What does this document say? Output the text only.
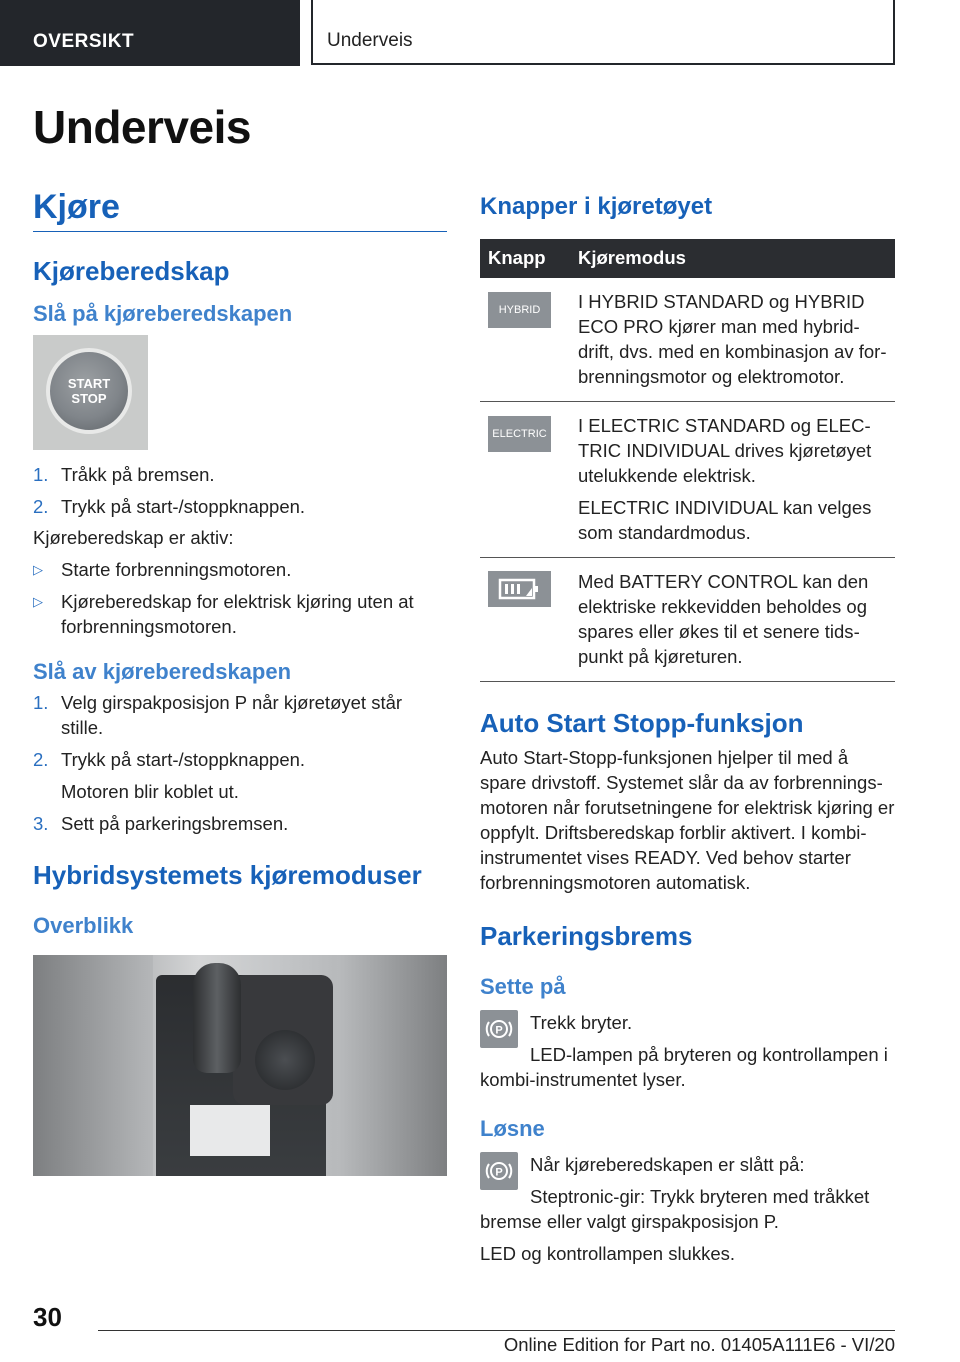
OVERSIKT	Underveis
Underveis
Kjøre
Kjøreberedskap
Slå på kjøreberedskapen
START
STOP
1. Tråkk på bremsen.
2. Trykk på start-/stoppknappen.

Kjøreberedskap er aktiv:

▷ Starte forbrenningsmotoren.
▷ Kjøreberedskap for elektrisk kjøring uten at forbrenningsmotoren.
Slå av kjøreberedskapen
1. Velg girspakposisjon P når kjøretøyet står stille.
2. Trykk på start-/stoppknappen.

Motoren blir koblet ut.

3. Sett på parkeringsbremsen.
Hybridsystemets kjøremoduser
Overblikk
Knapper i kjøretøyet
Knapp	Kjøremodus

HYBRID	I HYBRID STANDARD og HYBRID ECO PRO kjører man med hybriddrift, dvs. med en kombinasjon av forbrenningsmotor og elektromotor.

ELECTRIC	I ELECTRIC STANDARD og ELECTRIC INDIVIDUAL drives kjøretøyet utelukkende elektrisk.
ELECTRIC INDIVIDUAL kan velges som standardmodus.

	Med BATTERY CONTROL kan den elektriske rekkevidden beholdes og spares eller økes til et senere tidspunkt på kjøreturen.
Auto Start Stopp-funksjon

Auto Start-Stopp-funksjonen hjelper til med å spare drivstoff. Systemet slår da av forbrenningsmotoren når forutsetningene for elektrisk kjøring er oppfylt. Driftsberedskap forblir aktivert. I kombi-instrumentet vises READY. Ved behov starter forbrenningsmotoren automatisk.

Parkeringsbrems
Sette på
P	Trekk bryter.

LED-lampen på bryteren og kontrollampen i kombi-instrumentet lyser.

Løsne
P	Når kjøreberedskapen er slått på:

Steptronic-gir: Trykk bryteren med tråkket bremse eller valgt girspakposisjon P.

LED og kontrollampen slukkes.

30

Online Edition for Part no. 01405A111E6 - VI/20
